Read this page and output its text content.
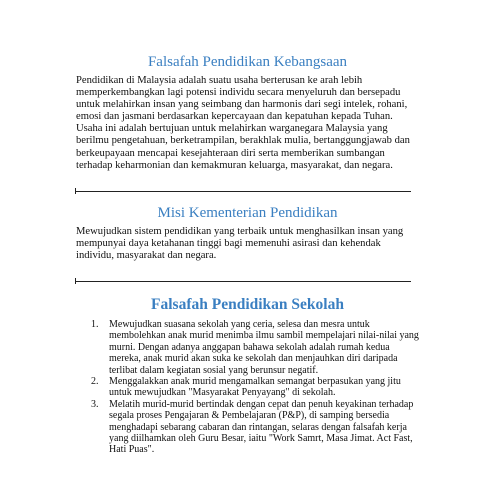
Falsafah Pendidikan Kebangsaan

Pendidikan di Malaysia adalah suatu usaha berterusan ke arah lebih memperkembangkan lagi potensi individu secara menyeluruh dan bersepadu untuk melahirkan insan yang seimbang dan harmonis dari segi intelek, rohani, emosi dan jasmani berdasarkan kepercayaan dan kepatuhan kepada Tuhan. Usaha ini adalah bertujuan untuk melahirkan warganegara Malaysia yang berilmu pengetahuan, berketrampilan, berakhlak mulia, bertanggungjawab dan berkeupayaan mencapai kesejahteraan diri serta memberikan sumbangan terhadap keharmonian dan kemakmuran keluarga, masyarakat, dan negara.

Misi Kementerian Pendidikan

Mewujudkan sistem pendidikan yang terbaik untuk menghasilkan insan yang mempunyai daya ketahanan tinggi bagi memenuhi asirasi dan kehendak individu, masyarakat dan negara.

Falsafah Pendidikan Sekolah
1. Mewujudkan suasana sekolah yang ceria, selesa dan mesra untuk membolehkan anak murid menimba ilmu sambil mempelajari nilai-nilai yang murni. Dengan adanya anggapan bahawa sekolah adalah rumah kedua mereka, anak murid akan suka ke sekolah dan menjauhkan diri daripada terlibat dalam kegiatan sosial yang berunsur negatif.
2. Menggalakkan anak murid mengamalkan semangat berpasukan yang jitu untuk mewujudkan "Masyarakat Penyayang" di sekolah.
3. Melatih murid-murid bertindak dengan cepat dan penuh keyakinan terhadap segala proses Pengajaran & Pembelajaran (P&P), di samping bersedia menghadapi sebarang cabaran dan rintangan, selaras dengan falsafah kerja yang diilhamkan oleh Guru Besar, iaitu "Work Samrt, Masa Jimat. Act Fast, Hati Puas".
